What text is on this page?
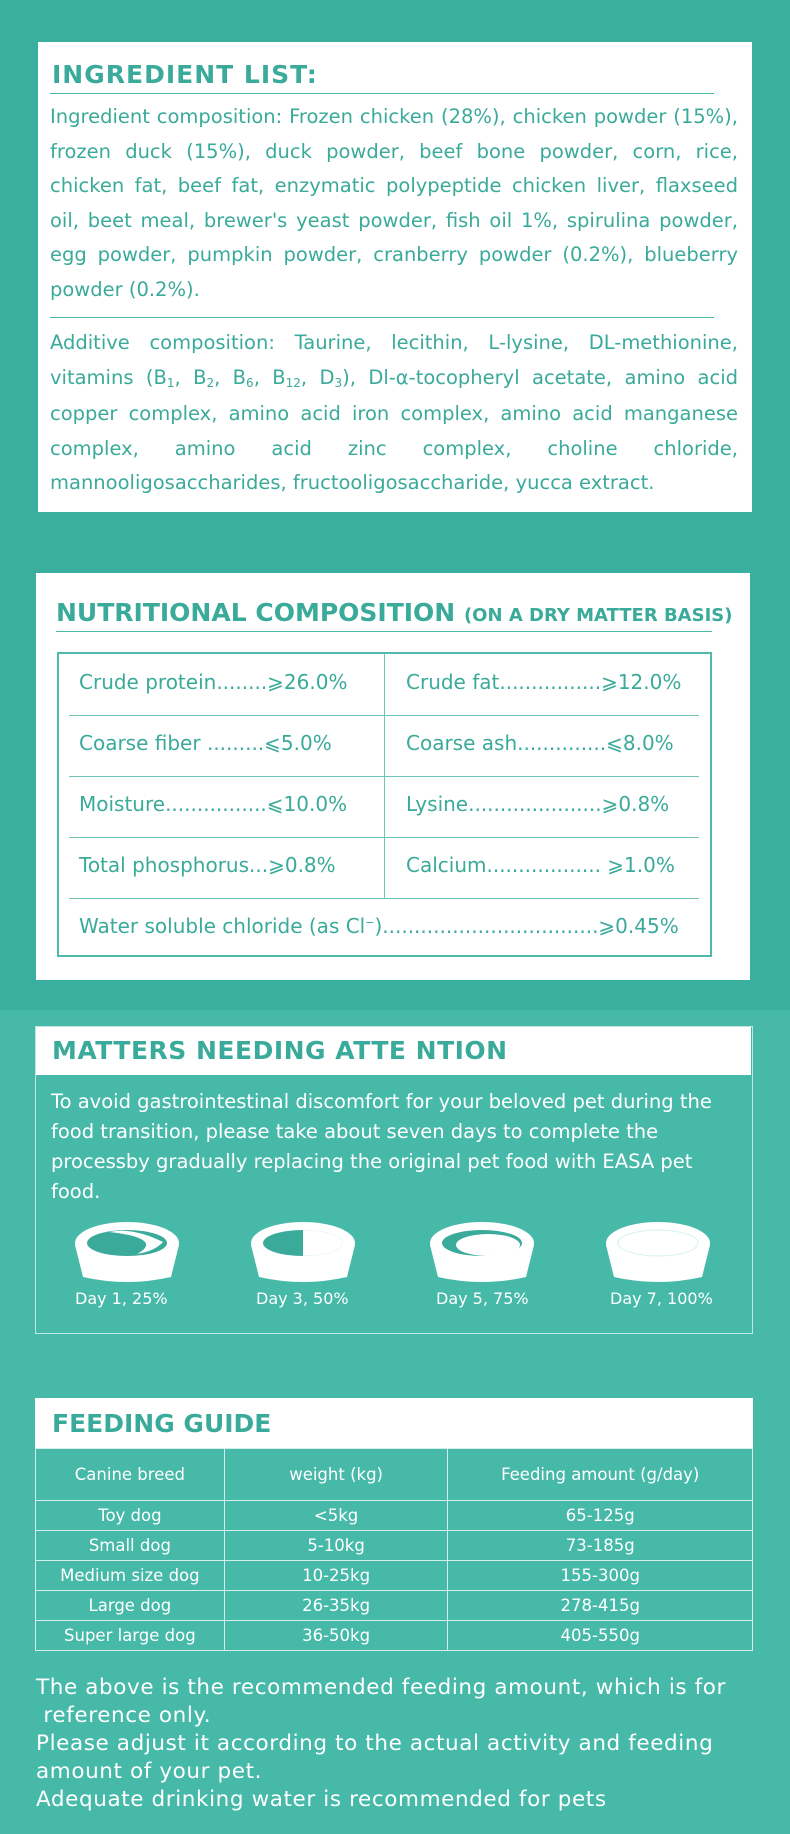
INGREDIENT LIST:

Ingredient composition: Frozen chicken (28%), chicken powder (15%), frozen duck (15%), duck powder, beef bone powder, corn, rice, chicken fat, beef fat, enzymatic polypeptide chicken liver, flaxseed oil, beet meal, brewer's yeast powder, fish oil 1%, spirulina powder, egg powder, pumpkin powder, cranberry powder (0.2%), blueberry powder (0.2%).

Additive composition: Taurine, lecithin, L-lysine, DL-methionine, vitamins ($B_1$, $B_2$, $B_6$, $B_{12}$, $D_3$), Dl-α-tocopheryl acetate, amino acid copper complex, amino acid iron complex, amino acid manganese complex, amino acid zinc complex, choline chloride, mannooligosaccharides, fructooligosaccharide, yucca extract.

NUTRITIONAL COMPOSITION (ON A DRY MATTER BASIS)
Crude protein........⩾26.0%	Crude fat................⩾12.0%
Coarse fiber .........⩽5.0%	Coarse ash..............⩽8.0%
Moisture................⩽10.0%	Lysine.....................⩾0.8%
Total phosphorus...⩾0.8%	Calcium.................. ⩾1.0%
Water soluble chloride (as Cl−)..................................⩾0.45%
MATTERS NEEDING ATTE NTION

To avoid gastrointestinal discomfort for your beloved pet during the food transition, please take about seven days to complete the processby gradually replacing the original pet food with EASA pet food.

Day 1, 25%	Day 3, 50%	Day 5, 75%	Day 7, 100%
FEEDING GUIDE
Canine breed	weight (kg)	Feeding amount (g/day)
Toy dog	<5kg	65-125g
Small dog	5-10kg	73-185g
Medium size dog	10-25kg	155-300g
Large dog	26-35kg	278-415g
Super large dog	36-50kg	405-550g

The above is the recommended feeding amount, which is for

reference only.

Please adjust it according to the actual activity and feeding

amount of your pet.

Adequate drinking water is recommended for pets
